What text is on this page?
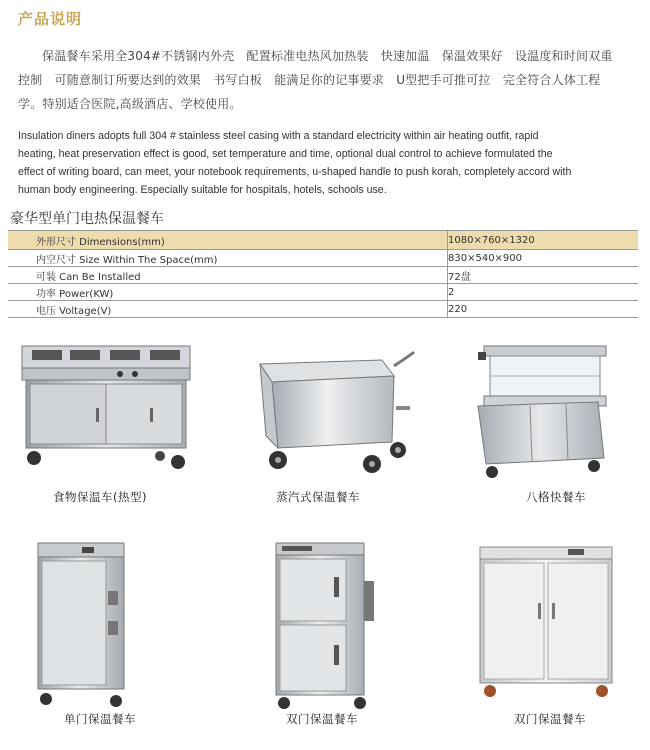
产品说明
保温餐车采用全304#不锈钢内外壳　配置标准电热风加热装　快速加温　保温效果好　设温度和时间双重控制　可随意制订所要达到的效果　书写白板　能满足你的记事要求　U型把手可推可拉　完全符合人体工程学。特别适合医院,高级酒店、学校使用。
Insulation diners adopts full 304 # stainless steel casing with a standard electricity within air heating outfit, rapid heating, heat preservation effect is good, set temperature and time, optional dual control to achieve formulated the effect of writing board, can meet, your notebook requirements, u-shaped handle to push korah, completely accord with human body engineering. Especially suitable for hospitals, hotels, schools use.
豪华型单门电热保温餐车
外形尺寸 Dimensions(mm)	1080×760×1320
内空尺寸 Size Within The Space(mm)	830×540×900
可装 Can Be Installed	72盘
功率 Power(KW)	2
电压 Voltage(V)	220
食物保温车(热型)	蒸汽式保温餐车	八格快餐车
单门保温餐车	双门保温餐车	双门保温餐车
